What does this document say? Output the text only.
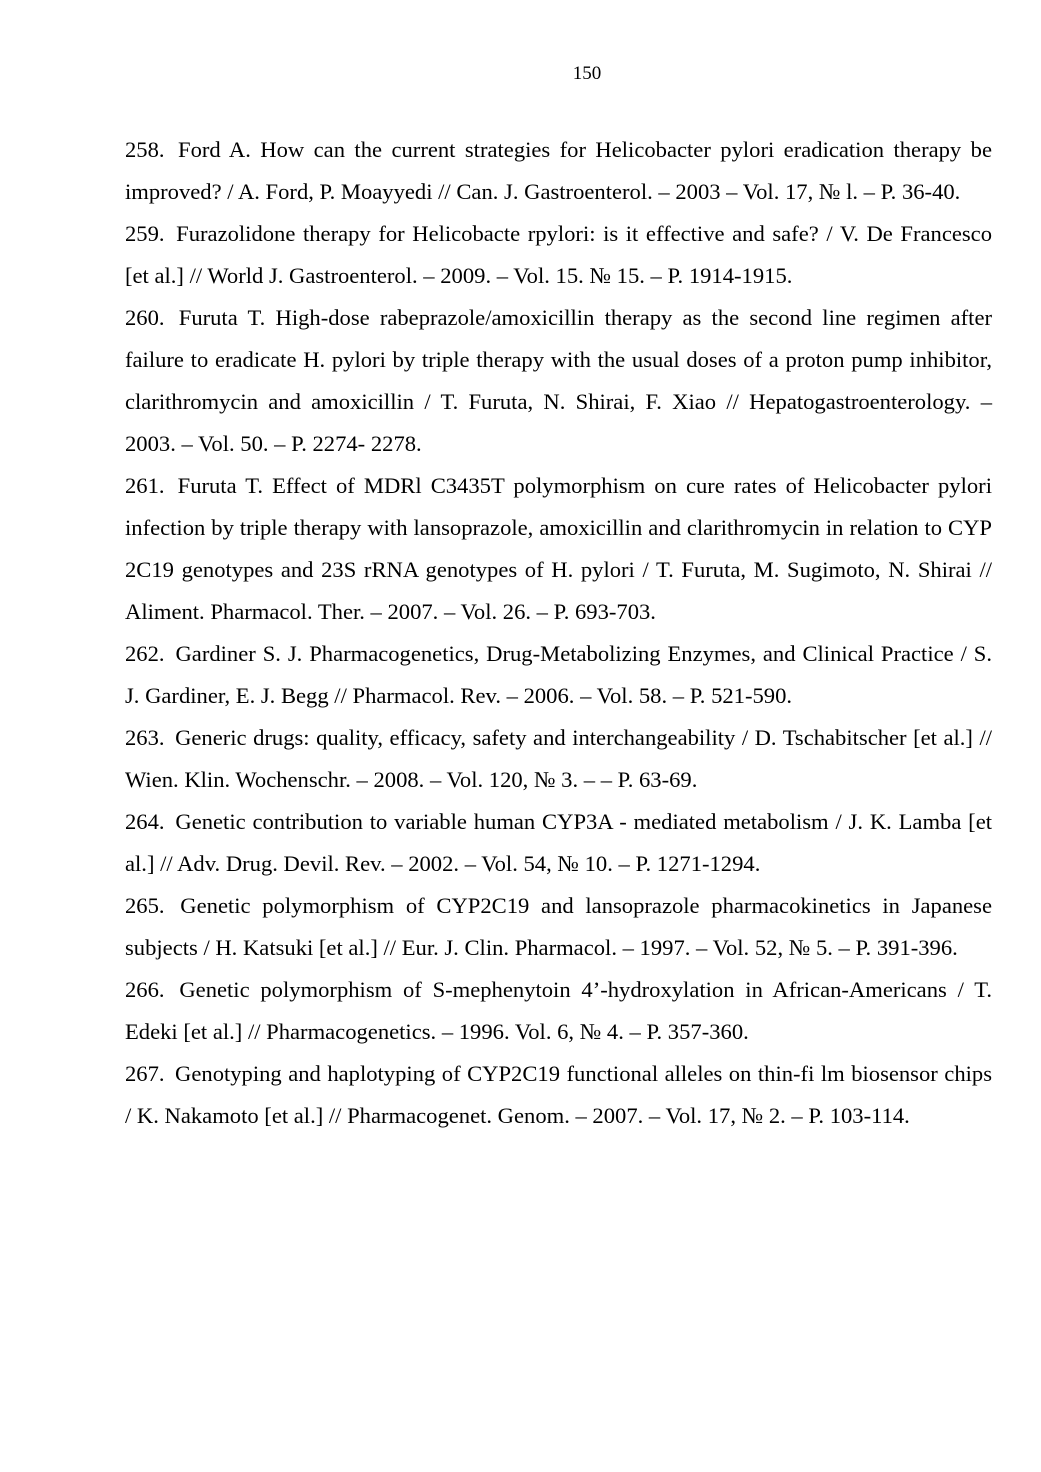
150

258. Ford A. How can the current strategies for Helicobacter pylori eradication therapy be improved? / A. Ford, P. Moayyedi // Can. J. Gastroenterol. – 2003 – Vol. 17, № l. – P. 36-40.

259. Furazolidone therapy for Helicobacte rpylori: is it effective and safe? / V. De Francesco [et al.] // World J. Gastroenterol. – 2009. – Vol. 15. № 15. – P. 1914-1915.

260. Furuta T. High-dose rabeprazole/amoxicillin therapy as the second line regimen after failure to eradicate H. pylori by triple therapy with the usual doses of a proton pump inhibitor, clarithromycin and amoxicillin / T. Furuta, N. Shirai, F. Xiao // Hepatogastroenterology. – 2003. – Vol. 50. – P. 2274- 2278.

261. Furuta T. Effect of MDRl C3435T polymorphism on cure rates of Helicobacter pylori infection by triple therapy with lansoprazole, amoxicillin and clarithromycin in relation to CYP 2C19 genotypes and 23S rRNA genotypes of H. pylori / T. Furuta, M. Sugimoto, N. Shirai // Aliment. Pharmacol. Ther. – 2007. – Vol. 26. – P. 693-703.

262. Gardiner S. J. Pharmacogenetics, Drug-Metabolizing Enzymes, and Clinical Practice / S. J. Gardiner, E. J. Begg // Pharmacol. Rev. – 2006. – Vol. 58. – P. 521-590.

263. Generic drugs: quality, efficacy, safety and interchangeability / D. Tschabitscher [et al.] // Wien. Klin. Wochenschr. – 2008. – Vol. 120, № 3. – – P. 63-69.

264. Genetic contribution to variable human CYP3A - mediated metabolism / J. K. Lamba [et al.] // Adv. Drug. Devil. Rev. – 2002. – Vol. 54, № 10. – P. 1271-1294.

265. Genetic polymorphism of CYP2C19 and lansoprazole pharmacokinetics in Japanese subjects / H. Katsuki [et al.] // Eur. J. Clin. Pharmacol. – 1997. – Vol. 52, № 5. – P. 391-396.

266. Genetic polymorphism of S-mephenytoin 4’-hydroxylation in African-Americans / T. Edeki [et al.] // Pharmacogenetics. – 1996. Vol. 6, № 4. – P. 357-360.

267. Genotyping and haplotyping of CYP2C19 functional alleles on thin-fi lm biosensor chips / K. Nakamoto [et al.] // Pharmacogenet. Genom. – 2007. – Vol. 17, № 2. – P. 103-114.
